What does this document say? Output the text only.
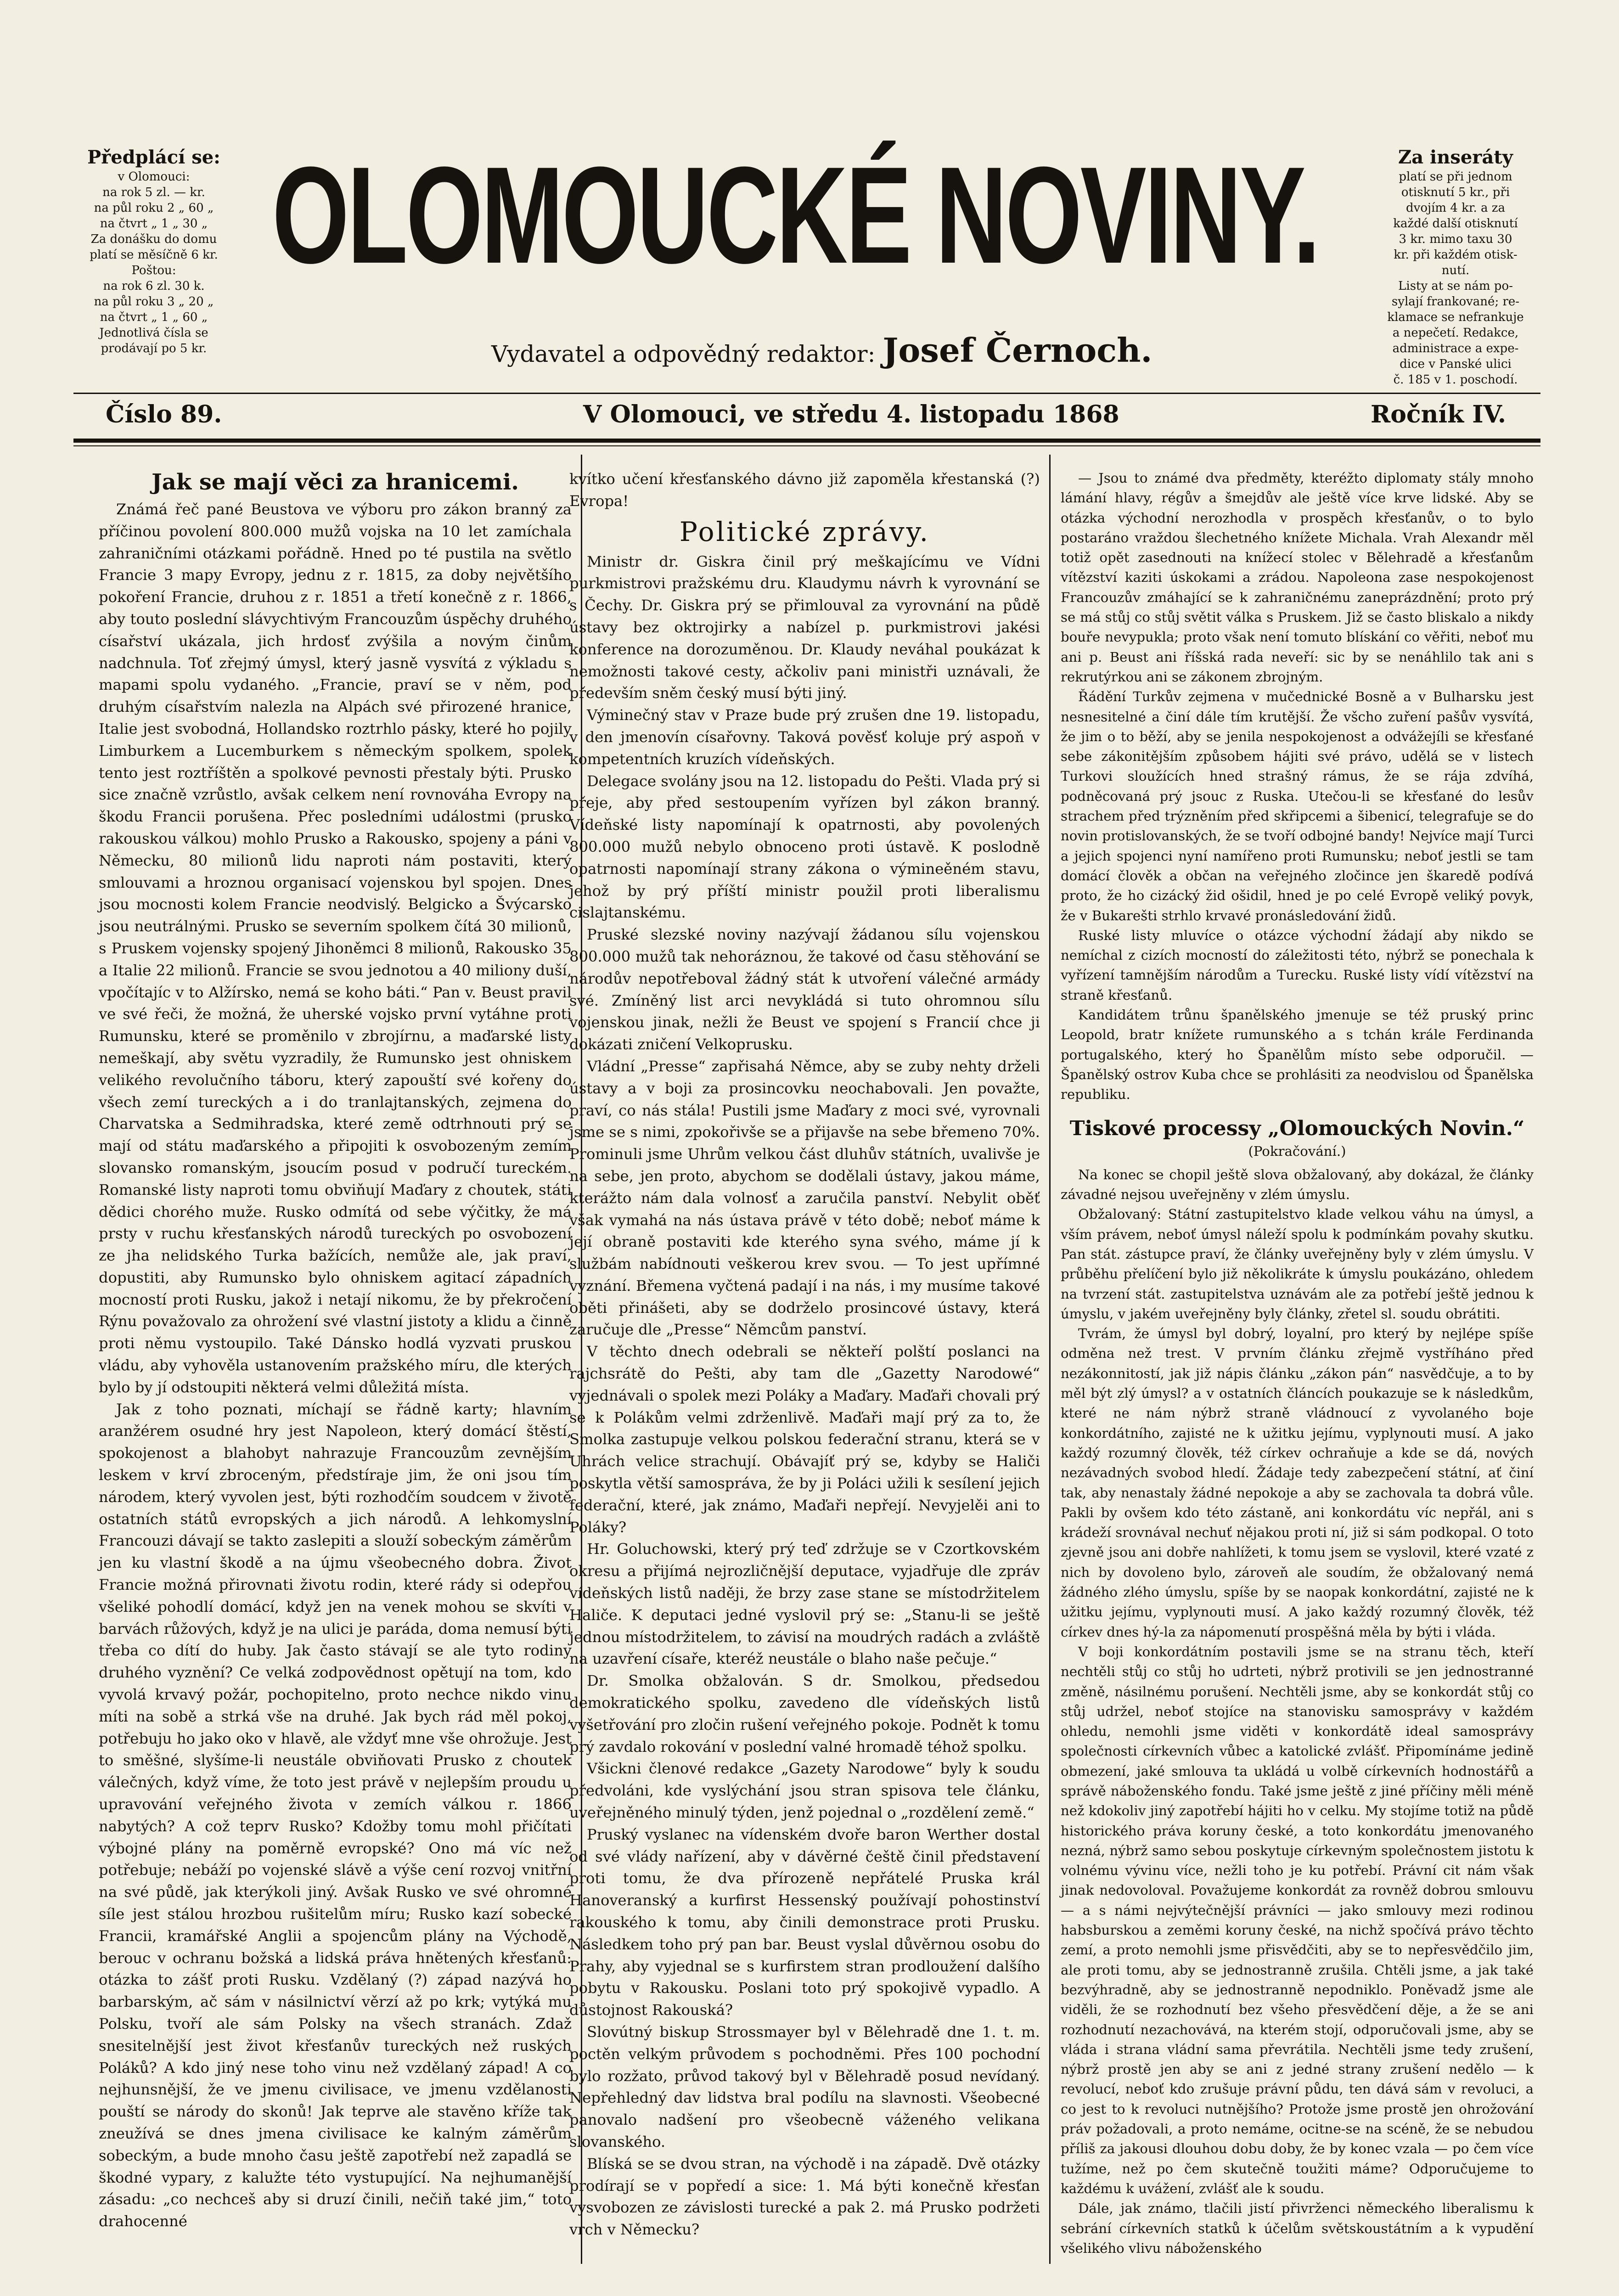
Předplácí se:
v Olomouci:
na rok 5 zl. — kr.
na půl roku 2 „ 60 „
na čtvrt „ 1 „ 30 „
Za donášku do domu
platí se měsíčně 6 kr.
Poštou:
na rok 6 zl. 30 k.
na půl roku 3 „ 20 „
na čtvrt „ 1 „ 60 „
Jednotlivá čísla se
prodávají po 5 kr.
Za inseráty
platí se při jednom
otisknutí 5 kr., při
dvojím 4 kr. a za
každé další otisknutí
3 kr. mimo taxu 30
kr. při každém otisk-
nutí.
Listy at se nám po-
sylají frankované; re-
klamace se nefrankuje
a nepečetí. Redakce,
administrace a expe-
dice v Panské ulici
č. 185 v 1. poschodí.
OLOMOUCKÉ NOVINY.
Vydavatel a odpovědný redaktor: Josef Černoch.
Číslo 89.	V Olomouci, ve středu 4. listopadu 1868	Ročník IV.
Jak se mají věci za hranicemi.

Známá řeč pané Beustova ve výboru pro zákon branný za příčinou povolení 800.000 mužů vojska na 10 let zamíchala zahraničními otázkami pořádně. Hned po té pustila na světlo Francie 3 mapy Evropy, jednu z r. 1815, za doby největšího pokoření Francie, druhou z r. 1851 a třetí konečně z r. 1866, aby touto poslední slávychtivým Francouzům úspěchy druhého císařství ukázala, jich hrdosť zvýšila a novým činům nadchnula. Toť zřejmý úmysl, který jasně vysvítá z výkladu s mapami spolu vydaného. „Francie, praví se v něm, pod druhým císařstvím nalezla na Alpách své přirozené hranice, Italie jest svobodná, Hollandsko roztrhlo pásky, které ho pojily Limburkem a Lucemburkem s německým spolkem, spolek tento jest roztříštěn a spolkové pevnosti přestaly býti. Prusko sice značně vzrůstlo, avšak celkem není rovnováha Evropy na škodu Francii porušena. Přec posledními událostmi (prusko rakouskou válkou) mohlo Prusko a Rakousko, spojeny a páni v Německu, 80 milionů lidu naproti nám postaviti, který smlouvami a hroznou organisací vojenskou byl spojen. Dnes jsou mocnosti kolem Francie neodvislý. Belgicko a Švýcarsko jsou neutrálnými. Prusko se severním spolkem čítá 30 milionů, s Pruskem vojensky spojený Jihoněmci 8 milionů, Rakousko 35 a Italie 22 milionů. Francie se svou jednotou a 40 miliony duší, vpočítajíc v to Alžírsko, nemá se koho báti.“ Pan v. Beust pravil ve své řeči, že možná, že uherské vojsko první vytáhne proti Rumunsku, které se proměnilo v zbrojírnu, a maďarské listy nemeškají, aby světu vyzradily, že Rumunsko jest ohniskem velikého revolučního táboru, který zapouští své kořeny do všech zemí tureckých a i do tranlajtanských, zejmena do Charvatska a Sedmihradska, které země odtrhnouti prý se mají od státu maďarského a připojiti k osvobozeným zemím slovansko romanským, jsoucím posud v područí tureckém. Romanské listy naproti tomu obviňují Maďary z choutek, státi dědici chorého muže. Rusko odmítá od sebe výčitky, že má prsty v ruchu křesťanských národů tureckých po osvobození ze jha nelidského Turka bažících, nemůže ale, jak praví, dopustiti, aby Rumunsko bylo ohniskem agitací západních mocností proti Rusku, jakož i netají nikomu, že by překročení Rýnu považovalo za ohrožení své vlastní jistoty a klidu a činně proti němu vystoupilo. Také Dánsko hodlá vyzvati pruskou vládu, aby vyhověla ustanovením pražského míru, dle kterých bylo by jí odstoupiti některá velmi důležitá místa.

Jak z toho poznati, míchají se řádně karty; hlavním aranžérem osudné hry jest Napoleon, který domácí štěstí, spokojenost a blahobyt nahrazuje Francouzům zevnějším leskem v krví zbroceným, předstíraje jim, že oni jsou tím národem, který vyvolen jest, býti rozhodčím soudcem v životě ostatních států evropských a jich národů. A lehkomyslní Francouzi dávají se takto zaslepiti a slouží sobeckým záměrům jen ku vlastní škodě a na újmu všeobecného dobra. Život Francie možná přirovnati životu rodin, které rády si odepřou všeliké pohodlí domácí, když jen na venek mohou se skvíti v barvách růžových, když je na ulici je paráda, doma nemusí býti třeba co dítí do huby. Jak často stávají se ale tyto rodiny druhého vyznění? Ce velká zodpovědnost opětují na tom, kdo vyvolá krvavý požár, pochopitelno, proto nechce nikdo vinu míti na sobě a strká vše na druhé. Jak bych rád měl pokoj, potřebuju ho jako oko v hlavě, ale vždyť mne vše ohrožuje. Jest to směšné, slyšíme-li neustále obviňovati Prusko z choutek válečných, když víme, že toto jest právě v nejlepším proudu u upravování veřejného života v zemích válkou r. 1866 nabytých? A což teprv Rusko? Kdožby tomu mohl přičítati výbojné plány na poměrně evropské? Ono má víc než potřebuje; nebáží po vojenské slávě a výše cení rozvoj vnitřní na své půdě, jak kterýkoli jiný. Avšak Rusko ve své ohromné síle jest stálou hrozbou rušitelům míru; Rusko kazí sobecké Francii, kramářské Anglii a spojencům plány na Východě, berouc v ochranu božská a lidská práva hnětených křesťanů: otázka to zášť proti Rusku. Vzdělaný (?) západ nazývá ho barbarským, ač sám v násilnictví věrzí až po krk; vytýká mu Polsku, tvoří ale sám Polsky na všech stranách. Zdaž snesitelnější jest život křesťanův tureckých než ruských Poláků? A kdo jiný nese toho vinu než vzdělaný západ! A co nejhunsnější, že ve jmenu civilisace, ve jmenu vzdělanosti pouští se národy do skonů! Jak teprve ale stavěno kříže tak zneužívá se dnes jmena civilisace ke kalným záměrům sobeckým, a bude mnoho času ještě zapotřebí než zapadlá se škodné vypary, z kalužte této vystupující. Na nejhumanější zásadu: „co nechceš aby si druzí činili, nečiň také jim,“ toto drahocenné

kvítko učení křesťanského dávno již zapoměla křestanská (?) Evropa!

Politické zprávy.

Ministr dr. Giskra činil prý meškajícímu ve Vídni purkmistrovi pražskému dru. Klaudymu návrh k vyrovnání se s Čechy. Dr. Giskra prý se přimlouval za vyrovnání na půdě ústavy bez oktrojirky a nabízel p. purkmistrovi jakési konference na dorozuměnou. Dr. Klaudy neváhal poukázat k nemožnosti takové cesty, ačkoliv pani ministři uznávali, že především sněm český musí býti jiný.

Výminečný stav v Praze bude prý zrušen dne 19. listopadu, v den jmenovín císařovny. Taková pověsť koluje prý aspoň v kompetentních kruzích vídeňských.

Delegace svolány jsou na 12. listopadu do Pešti. Vlada prý si přeje, aby před sestoupením vyřízen byl zákon branný. Vídeňské listy napomínají k opatrnosti, aby povolených 800.000 mužů nebylo obnoceno proti ústavě. K poslodně opatrnosti napomínají strany zákona o výmineěném stavu, jehož by prý příští ministr použil proti liberalismu cislajtanskému.

Pruské slezské noviny nazývají žádanou sílu vojenskou 800.000 mužů tak nehoráznou, že takové od času stěhování se národův nepotřeboval žádný stát k utvoření válečné armády své. Zmíněný list arci nevykládá si tuto ohromnou sílu vojenskou jinak, nežli že Beust ve spojení s Francií chce ji dokázati zničení Velkoprusku.

Vládní „Presse“ zapřisahá Němce, aby se zuby nehty drželi ústavy a v boji za prosincovku neochabovali. Jen považte, praví, co nás stála! Pustili jsme Maďary z moci své, vyrovnali jsme se s nimi, zpokořivše se a přijavše na sebe břemeno 70%. Prominuli jsme Uhrům velkou část dluhův státních, uvalivše je na sebe, jen proto, abychom se dodělali ústavy, jakou máme, kterážto nám dala volnosť a zaručila panství. Nebylit oběť však vymahá na nás ústava právě v této době; neboť máme k její obraně postaviti kde kterého syna svého, máme jí k službám nabídnouti veškerou krev svou. — To jest upřímné vyznání. Břemena vyčtená padají i na nás, i my musíme takové oběti přinášeti, aby se dodrželo prosincové ústavy, která zaručuje dle „Presse“ Němcům panství.

V těchto dnech odebrali se někteří polští poslanci na rajchsrátě do Pešti, aby tam dle „Gazetty Narodowé“ vyjednávali o spolek mezi Poláky a Maďary. Maďaři chovali prý se k Polákům velmi zdrženlivě. Maďaři mají prý za to, že Smolka zastupuje velkou polskou federační stranu, která se v Uhrách velice strachují. Obávajíť prý se, kdyby se Haliči poskytla větší samospráva, že by ji Poláci užili k sesílení jejich federační, které, jak známo, Maďaři nepřejí. Nevyjelěi ani to Poláky?

Hr. Goluchowski, který prý teď zdržuje se v Czortkovském okresu a přijímá nejrozličnější deputace, vyjadřuje dle zpráv vídeňských listů naději, že brzy zase stane se místodržitelem Haliče. K deputaci jedné vyslovil prý se: „Stanu-li se ještě jednou místodržitelem, to závisí na moudrých radách a zvláště na uzavření císaře, kteréž neustále o blaho naše pečuje.“

Dr. Smolka obžalován. S dr. Smolkou, předsedou demokratického spolku, zavedeno dle vídeňských listů vyšetřování pro zločin rušení veřejného pokoje. Podnět k tomu prý zavdalo rokování v poslední valné hromadě téhož spolku.

Všickni členové redakce „Gazety Narodowe“ byly k soudu předvoláni, kde vyslýchání jsou stran spisova tele článku, uveřejněného minulý týden, jenž pojednal o „rozdělení země.“

Pruský vyslanec na vídenském dvoře baron Werther dostal od své vlády nařízení, aby v dávěrné čeště činil představení proti tomu, že dva přírozeně nepřátelé Pruska král Hanoveranský a kurfirst Hessenský používají pohostinství rakouského k tomu, aby činili demonstrace proti Prusku. Následkem toho prý pan bar. Beust vyslal důvěrnou osobu do Prahy, aby vyjednal se s kurfirstem stran prodloužení dalšího pobytu v Rakousku. Poslani toto prý spokojivě vypadlo. A důstojnost Rakouská?

Slovútný biskup Strossmayer byl v Bělehradě dne 1. t. m. poctěn velkým průvodem s pochodněmi. Přes 100 pochodní bylo rozžato, průvod takový byl v Bělehradě posud nevídaný. Nepřehledný dav lidstva bral podílu na slavnosti. Všeobecné panovalo nadšení pro všeobecně váženého velikana slovanského.

Blíská se se dvou stran, na východě i na západě. Dvě otázky prodírají se v popředí a sice: 1. Má býti konečně křesťan vysvobozen ze závislosti turecké a pak 2. má Prusko podržeti vrch v Německu?

— Jsou to známé dva předměty, kteréžto diplomaty stály mnoho lámání hlavy, régův a šmejdův ale ještě více krve lidské. Aby se otázka východní nerozhodla v prospěch křesťanův, o to bylo postaráno vraždou šlechetného knížete Michala. Vrah Alexandr měl totiž opět zasednouti na knížecí stolec v Bělehradě a křesťanům vítězství kaziti úskokami a zrádou. Napoleona zase nespokojenost Francouzův zmáhající se k zahraničnému zaneprázdnění; proto prý se má stůj co stůj světit válka s Pruskem. Již se často bliskalo a nikdy bouře nevypukla; proto však není tomuto blískání co věřiti, neboť mu ani p. Beust ani říšská rada neveří: sic by se nenáhlilo tak ani s rekrutýrkou ani se zákonem zbrojným.

Řádění Turkův zejmena v mučednické Bosně a v Bulharsku jest nesnesitelné a činí dále tím krutější. Že všcho zuření pašův vysvítá, že jim o to běží, aby se jenila nespokojenost a odvážejíli se křesťané sebe zákonitějším způsobem hájiti své právo, udělá se v listech Turkovi sloužících hned strašný rámus, že se rája zdvíhá, podněcovaná prý jsouc z Ruska. Utečou-li se křesťané do lesův strachem před trýzněním před skřipcemi a šibenicí, telegrafuje se do novin protislovanských, že se tvoří odbojné bandy! Nejvíce mají Turci a jejich spojenci nyní namířeno proti Rumunsku; neboť jestli se tam domácí člověk a občan na veřejného zločince jen škaredě podívá proto, že ho cizácký žid ošidil, hned je po celé Evropě veliký povyk, že v Bukarešti strhlo krvavé pronásledování židů.

Ruské listy mluvíce o otázce východní žádají aby nikdo se nemíchal z cizích mocností do záležitosti této, nýbrž se ponechala k vyřízení tamnějším národům a Turecku. Ruské listy vídí vítězství na straně křesťanů.

Kandidátem trůnu španělského jmenuje se též pruský princ Leopold, bratr knížete rumunského a s tchán krále Ferdinanda portugalského, který ho Španělům místo sebe odporučil. — Španělský ostrov Kuba chce se prohlásiti za neodvislou od Španělska republiku.

Tiskové processy „Olomouckých Novin.“

(Pokračování.)

Na konec se chopil ještě slova obžalovaný, aby dokázal, že články závadné nejsou uveřejněny v zlém úmyslu.

Obžalovaný: Státní zastupitelstvo klade velkou váhu na úmysl, a vším právem, neboť úmysl náleží spolu k podmínkám povahy skutku. Pan stát. zástupce praví, že články uveřejněny byly v zlém úmyslu. V průběhu přelíčení bylo již několikráte k úmyslu poukázáno, ohledem na tvrzení stát. zastupitelstva uznávám ale za potřebí ještě jednou k úmyslu, v jakém uveřejněny byly články, zřetel sl. soudu obrátiti.

Tvrám, že úmysl byl dobrý, loyalní, pro který by nejlépe spíše odměna než trest. V prvním článku zřejmě vystříháno před nezákonnitostí, jak již nápis článku „zákon pán“ nasvědčuje, a to by měl být zlý úmysl? a v ostatních článcích poukazuje se k následkům, které ne nám nýbrž straně vládnoucí z vyvolaného boje konkordátního, zajisté ne k užitku jejímu, vyplynouti musí. A jako každý rozumný člověk, též církev ochraňuje a kde se dá, nových nezávadných svobod hledí. Žádaje tedy zabezpečení státní, ať činí tak, aby nenastaly žádné nepokoje a aby se zachovala ta dobrá vůle. Pakli by ovšem kdo této zástaně, ani konkordátu víc nepřál, ani s krádeží srovnával nechuť nějakou proti ní, již si sám podkopal. O toto zjevně jsou ani dobře nahlížeti, k tomu jsem se vyslovil, které vzaté z nich by dovoleno bylo, zároveň ale soudím, že obžalovaný nemá žádného zlého úmyslu, spíše by se naopak konkordátní, zajisté ne k užitku jejímu, vyplynouti musí. A jako každý rozumný člověk, též církev dnes hý-la za nápomenutí prospěšná měla by býti i vláda.

V boji konkordátním postavili jsme se na stranu těch, kteří nechtěli stůj co stůj ho udrteti, nýbrž protivili se jen jednostranné změně, násilnému porušení. Nechtěli jsme, aby se konkordát stůj co stůj udržel, neboť stojíce na stanovisku samosprávy v každém ohledu, nemohli jsme viděti v konkordátě ideal samosprávy společnosti církevních vůbec a katolické zvlášť. Připomínáme jedině obmezení, jaké smlouva ta ukládá u volbě církevních hodnostářů a správě náboženského fondu. Také jsme ještě z jiné příčiny měli méně než kdokoliv jiný zapotřebí hájiti ho v celku. My stojíme totiž na půdě historického práva koruny české, a toto konkordátu jmenovaného nezná, nýbrž samo sebou poskytuje církevným společnostem jistotu k volnému vývinu více, nežli toho je ku potřebí. Právní cit nám však jinak nedovoloval. Považujeme konkordát za rovněž dobrou smlouvu — a s námi nejvýtečnější právníci — jako smlouvy mezi rodinou habsburskou a zeměmi koruny české, na nichž spočívá právo těchto zemí, a proto nemohli jsme přisvědčiti, aby se to nepřesvědčilo jim, ale proti tomu, aby se jednostranně zrušila. Chtěli jsme, a jak také bezvýhradně, aby se jednostranně nepodniklo. Poněvadž jsme ale viděli, že se rozhodnutí bez všeho přesvědčení děje, a že se ani rozhodnutí nezachovává, na kterém stojí, odporučovali jsme, aby se vláda i strana vládní sama převrátila. Nechtěli jsme tedy zrušení, nýbrž prostě jen aby se ani z jedné strany zrušení nedělo — k revolucí, neboť kdo zrušuje právní půdu, ten dává sám v revoluci, a co jest to k revoluci nutnějšího? Protože jsme prostě jen ohrožování práv požadovali, a proto nemáme, ocitne-se na scéně, že se nebudou příliš za jakousi dlouhou dobu doby, že by konec vzala — po čem více tužíme, než po čem skutečně toužiti máme? Odporučujeme to každému k uvážení, zvlášť ale k soudu.

Dále, jak známo, tlačili jistí přivrženci německého liberalismu k sebrání církevních statků k účelům světskoustátním a k vypudění všelikého vlivu náboženského
